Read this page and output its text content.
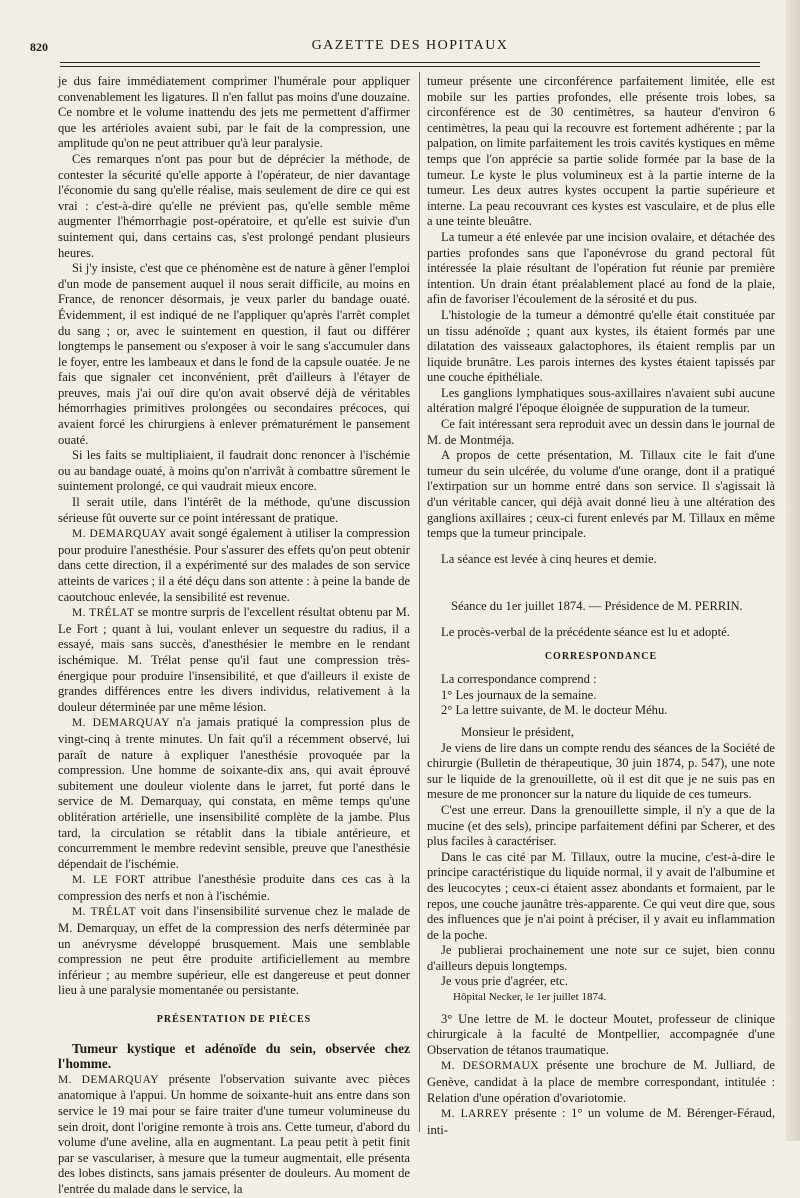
820	GAZETTE DES HOPITAUX

je dus faire immédiatement comprimer l'humérale pour appliquer convenablement les ligatures. Il n'en fallut pas moins d'une douzaine. Ce nombre et le volume inattendu des jets me permettent d'affirmer que les artérioles avaient subi, par le fait de la compression, une amplitude qu'on ne peut attribuer qu'à leur paralysie.

Ces remarques n'ont pas pour but de déprécier la méthode, de contester la sécurité qu'elle apporte à l'opérateur, de nier davantage l'économie du sang qu'elle réalise, mais seulement de dire ce qui est vrai : c'est-à-dire qu'elle ne prévient pas, qu'elle semble même augmenter l'hémorrhagie post-opératoire, et qu'elle est suivie d'un suintement qui, dans certains cas, s'est prolongé pendant plusieurs heures.

Si j'y insiste, c'est que ce phénomène est de nature à gêner l'emploi d'un mode de pansement auquel il nous serait difficile, au moins en France, de renoncer désormais, je veux parler du bandage ouaté. Évidemment, il est indiqué de ne l'appliquer qu'après l'arrêt complet du sang ; or, avec le suintement en question, il faut ou différer longtemps le pansement ou s'exposer à voir le sang s'accumuler dans le foyer, entre les lambeaux et dans le fond de la capsule ouatée. Je ne fais que signaler cet inconvénient, prêt d'ailleurs à l'étayer de preuves, mais j'ai ouï dire qu'on avait observé déjà de véritables hémorrhagies primitives prolongées ou secondaires précoces, qui avaient forcé les chirurgiens à enlever prématurément le pansement ouaté.

Si les faits se multipliaient, il faudrait donc renoncer à l'ischémie ou au bandage ouaté, à moins qu'on n'arrivât à combattre sûrement le suintement prolongé, ce qui vaudrait mieux encore.

Il serait utile, dans l'intérêt de la méthode, qu'une discussion sérieuse fût ouverte sur ce point intéressant de pratique.

M. DEMARQUAY avait songé également à utiliser la compression pour produire l'anesthésie. Pour s'assurer des effets qu'on peut obtenir dans cette direction, il a expérimenté sur des malades de son service atteints de varices ; il a été déçu dans son attente : à peine la bande de caoutchouc enlevée, la sensibilité est revenue.

M. TRÉLAT se montre surpris de l'excellent résultat obtenu par M. Le Fort ; quant à lui, voulant enlever un sequestre du radius, il a essayé, mais sans succès, d'anesthésier le membre en le rendant ischémique. M. Trélat pense qu'il faut une compression très-énergique pour produire l'insensibilité, et que d'ailleurs il existe de grandes différences entre les divers individus, relativement à la douleur déterminée par une même lésion.

M. DEMARQUAY n'a jamais pratiqué la compression plus de vingt-cinq à trente minutes. Un fait qu'il a récemment observé, lui paraît de nature à expliquer l'anesthésie provoquée par la compression. Une homme de soixante-dix ans, qui avait éprouvé subitement une douleur violente dans le jarret, fut porté dans le service de M. Demarquay, qui constata, en même temps qu'une oblitération artérielle, une insensibilité complète de la jambe. Plus tard, la circulation se rétablit dans la tibiale antérieure, et concurremment le membre redevint sensible, preuve que l'anesthésie dépendait de l'ischémie.

M. LE FORT attribue l'anesthésie produite dans ces cas à la compression des nerfs et non à l'ischémie.

M. TRÉLAT voit dans l'insensibilité survenue chez le malade de M. Demarquay, un effet de la compression des nerfs déterminée par un anévrysme développé brusquement. Mais une semblable compression ne peut être produite artificiellement au membre inférieur ; au membre supérieur, elle est dangereuse et peut donner lieu à une paralysie momentanée ou persistante.

PRÉSENTATION DE PIÈCES

Tumeur kystique et adénoïde du sein, observée chez l'homme.

M. DEMARQUAY présente l'observation suivante avec pièces anatomique à l'appui. Un homme de soixante-huit ans entre dans son service le 19 mai pour se faire traiter d'une tumeur volumineuse du sein droit, dont l'origine remonte à trois ans. Cette tumeur, d'abord du volume d'une aveline, alla en augmentant. La peau petit à petit finit par se vasculariser, à mesure que la tumeur augmentait, elle présenta des lobes distincts, sans jamais présenter de douleurs. Au moment de l'entrée du malade dans le service, la

tumeur présente une circonférence parfaitement limitée, elle est mobile sur les parties profondes, elle présente trois lobes, sa circonférence est de 30 centimètres, sa hauteur d'environ 6 centimètres, la peau qui la recouvre est fortement adhérente ; par la palpation, on limite parfaitement les trois cavités kystiques en même temps que l'on apprécie sa partie solide formée par la base de la tumeur. Le kyste le plus volumineux est à la partie interne de la tumeur. Les deux autres kystes occupent la partie supérieure et interne. La peau recouvrant ces kystes est vasculaire, et de plus elle a une teinte bleuâtre.

La tumeur a été enlevée par une incision ovalaire, et détachée des parties profondes sans que l'aponévrose du grand pectoral fût intéressée la plaie résultant de l'opération fut réunie par première intention. Un drain étant préalablement placé au fond de la plaie, afin de favoriser l'écoulement de la sérosité et du pus.

L'histologie de la tumeur a démontré qu'elle était constituée par un tissu adénoïde ; quant aux kystes, ils étaient formés par une dilatation des vaisseaux galactophores, ils étaient remplis par un liquide brunâtre. Les parois internes des kystes étaient tapissés par une couche épithéliale.

Les ganglions lymphatiques sous-axillaires n'avaient subi aucune altération malgré l'époque éloignée de suppuration de la tumeur.

Ce fait intéressant sera reproduit avec un dessin dans le journal de M. de Montméja.

A propos de cette présentation, M. Tillaux cite le fait d'une tumeur du sein ulcérée, du volume d'une orange, dont il a pratiqué l'extirpation sur un homme entré dans son service. Il s'agissait là d'un véritable cancer, qui déjà avait donné lieu à une altération des ganglions axillaires ; ceux-ci furent enlevés par M. Tillaux en même temps que la tumeur principale.

La séance est levée à cinq heures et demie.

Séance du 1er juillet 1874. — Présidence de M. PERRIN.

Le procès-verbal de la précédente séance est lu et adopté.

CORRESPONDANCE

La correspondance comprend :

1° Les journaux de la semaine.

2° La lettre suivante, de M. le docteur Méhu.

Monsieur le président,

Je viens de lire dans un compte rendu des séances de la Société de chirurgie (Bulletin de thérapeutique, 30 juin 1874, p. 547), une note sur le liquide de la grenouillette, où il est dit que je ne suis pas en mesure de me prononcer sur la nature du liquide de ces tumeurs.

C'est une erreur. Dans la grenouillette simple, il n'y a que de la mucine (et des sels), principe parfaitement défini par Scherer, et des plus faciles à caractériser.

Dans le cas cité par M. Tillaux, outre la mucine, c'est-à-dire le principe caractéristique du liquide normal, il y avait de l'albumine et des leucocytes ; ceux-ci étaient assez abondants et formaient, par le repos, une couche jaunâtre très-apparente. Ce qui veut dire que, sous des influences que je n'ai point à préciser, il y avait eu inflammation de la poche.

Je publierai prochainement une note sur ce sujet, bien connu d'ailleurs depuis longtemps.

Je vous prie d'agréer, etc.

Hôpital Necker, le 1er juillet 1874.

3° Une lettre de M. le docteur Moutet, professeur de clinique chirurgicale à la faculté de Montpellier, accompagnée d'une Observation de tétanos traumatique.

M. DESORMAUX présente une brochure de M. Julliard, de Genève, candidat à la place de membre correspondant, intitulée : Relation d'une opération d'ovariotomie.

M. LARREY présente : 1° un volume de M. Bérenger-Féraud, inti-
